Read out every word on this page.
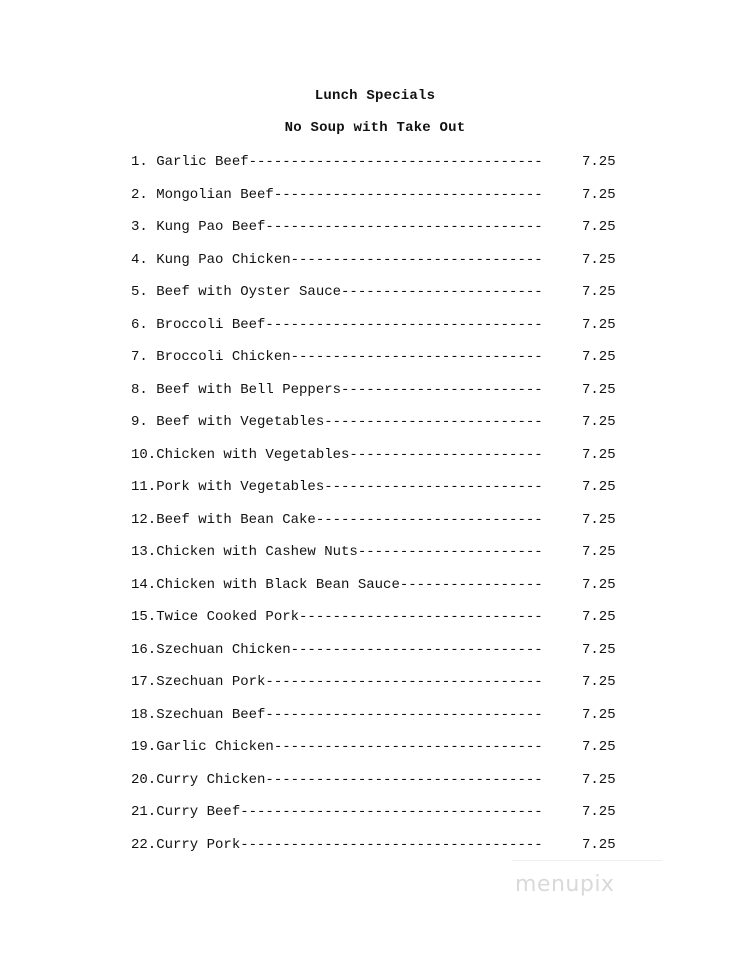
Lunch Specials
No Soup with Take Out
1. Garlic Beef-----------------------------------	7.25
2. Mongolian Beef--------------------------------	7.25
3. Kung Pao Beef---------------------------------	7.25
4. Kung Pao Chicken------------------------------	7.25
5. Beef with Oyster Sauce------------------------	7.25
6. Broccoli Beef---------------------------------	7.25
7. Broccoli Chicken------------------------------	7.25
8. Beef with Bell Peppers------------------------	7.25
9. Beef with Vegetables--------------------------	7.25
10.Chicken with Vegetables-----------------------	7.25
11.Pork with Vegetables--------------------------	7.25
12.Beef with Bean Cake---------------------------	7.25
13.Chicken with Cashew Nuts----------------------	7.25
14.Chicken with Black Bean Sauce-----------------	7.25
15.Twice Cooked Pork-----------------------------	7.25
16.Szechuan Chicken------------------------------	7.25
17.Szechuan Pork---------------------------------	7.25
18.Szechuan Beef---------------------------------	7.25
19.Garlic Chicken--------------------------------	7.25
20.Curry Chicken---------------------------------	7.25
21.Curry Beef------------------------------------	7.25
22.Curry Pork------------------------------------	7.25
menupix
